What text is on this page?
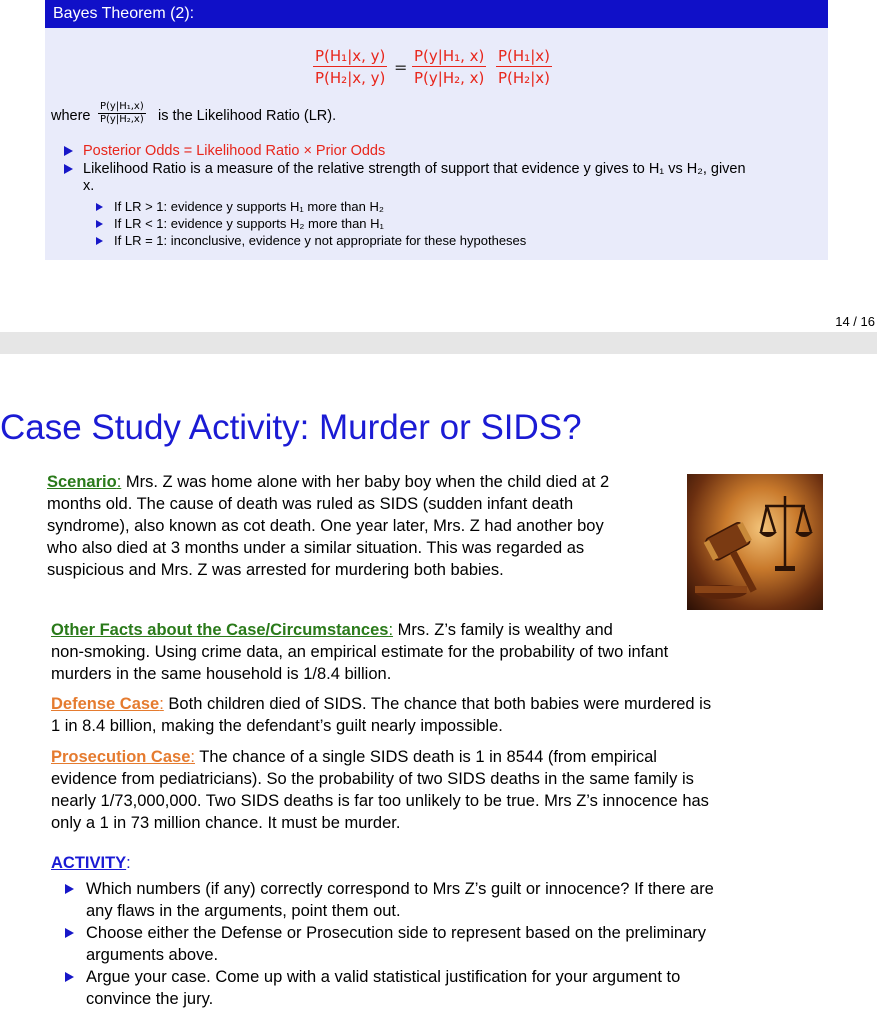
Bayes Theorem (2):
$\frac{\text{P(H₁|x, y)}}{\text{P(H₂|x, y)}} = \frac{\text{P(y|H₁, x)}}{\text{P(y|H₂, x)}} \frac{\text{P(H₁|x)}}{\text{P(H₂|x)}}$
where $\frac{\text{P(y|H₁,x)}}{\text{P(y|H₂,x)}}$ is the Likelihood Ratio (LR).
Posterior Odds = Likelihood Ratio × Prior Odds
Likelihood Ratio is a measure of the relative strength of support that evidence y gives to H₁ vs H₂, given
x.
If LR > 1: evidence y supports H₁ more than H₂
If LR < 1: evidence y supports H₂ more than H₁
If LR = 1: inconclusive, evidence y not appropriate for these hypotheses
14 / 16
Case Study Activity: Murder or SIDS?

Scenario: Mrs. Z was home alone with her baby boy when the child died at 2

months old. The cause of death was ruled as SIDS (sudden infant death

syndrome), also known as cot death. One year later, Mrs. Z had another boy

who also died at 3 months under a similar situation. This was regarded as

suspicious and Mrs. Z was arrested for murdering both babies.

Other Facts about the Case/Circumstances: Mrs. Z’s family is wealthy and

non-smoking. Using crime data, an empirical estimate for the probability of two infant

murders in the same household is 1/8.4 billion.

Defense Case: Both children died of SIDS. The chance that both babies were murdered is

1 in 8.4 billion, making the defendant’s guilt nearly impossible.

Prosecution Case: The chance of a single SIDS death is 1 in 8544 (from empirical

evidence from pediatricians). So the probability of two SIDS deaths in the same family is

nearly 1/73,000,000. Two SIDS deaths is far too unlikely to be true. Mrs Z’s innocence has

only a 1 in 73 million chance. It must be murder.

ACTIVITY:

Which numbers (if any) correctly correspond to Mrs Z’s guilt or innocence? If there are

any flaws in the arguments, point them out.

Choose either the Defense or Prosecution side to represent based on the preliminary

arguments above.

Argue your case. Come up with a valid statistical justification for your argument to

convince the jury.
